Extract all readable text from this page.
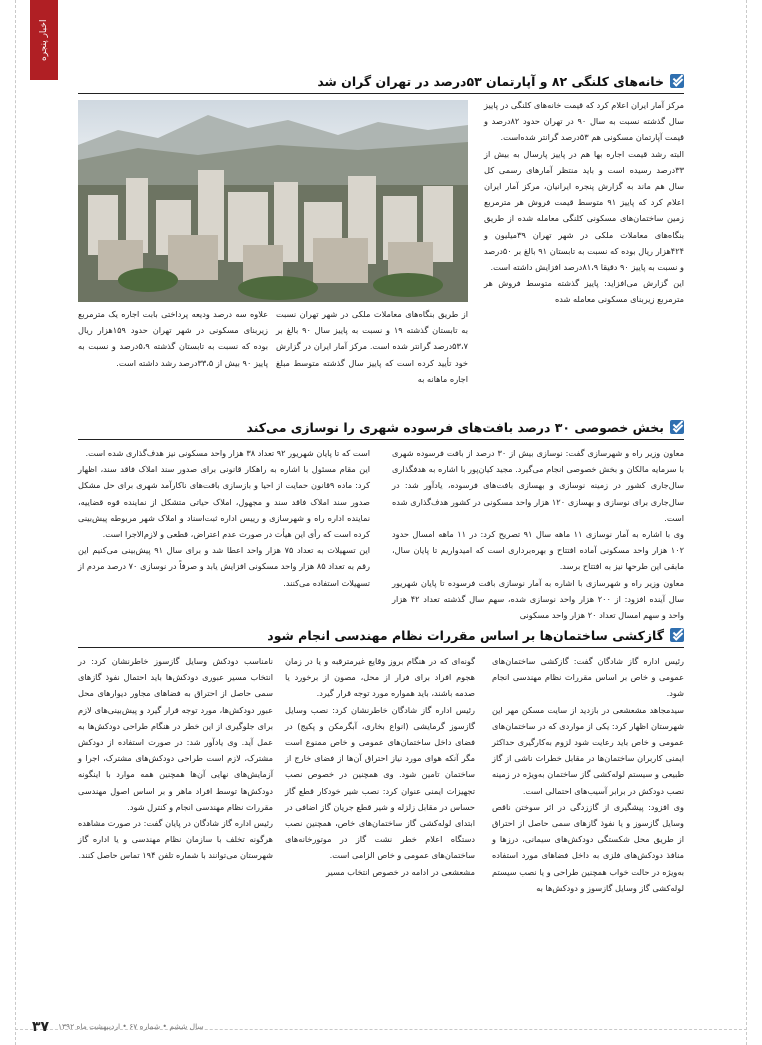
اخبار پنجره
خانه‌های کلنگی ۸۲ و آپارتمان ۵۳درصد در تهران گران شد

مرکز آمار ایران اعلام کرد که قیمت خانه‌های کلنگی در پاییز سال گذشته نسبت به سال ۹۰ در تهران حدود ۸۲درصد و قیمت آپارتمان مسکونی هم ۵۳درصد گرانتر شده‌است.

البته رشد قیمت اجاره بها هم در پاییز پارسال به بیش از ۳۳درصد رسیده است و باید منتظر آمارهای رسمی کل سال هم ماند به گزارش پنجره ایرانیان، مرکز آمار ایران اعلام کرد که پاییز ۹۱ متوسط قیمت فروش هر مترمربع زمین ساختمان‌های مسکونی کلنگی معامله شده از طریق بنگاه‌های معاملات ملکی در شهر تهران ۳۹میلیون و ۴۲۴هزار ریال بوده که نسبت به تابستان ۹۱ بالغ بر ۵۰درصد و نسبت به پاییز ۹۰ دقیقا ۸۱،۹درصد افزایش داشته است.

این گزارش می‌افزاید: پاییز گذشته متوسط فروش هر مترمربع زیربنای مسکونی معامله شده

از طریق بنگاه‌های معاملات ملکی در شهر تهران نسبت به تابستان گذشته ۱۹ و نسبت به پاییز سال ۹۰ بالغ بر ۵۳،۷درصد گرانتر شده است. مرکز آمار ایران در گزارش خود تأیید کرده است که پاییز سال گذشته متوسط مبلغ اجاره ماهانه به

علاوه سه درصد ودیعه پرداختی بابت اجاره یک مترمربع زیربنای مسکونی در شهر تهران حدود ۱۵۹هزار ریال بوده که نسبت به تابستان گذشته ۵،۹درصد و نسبت به پاییز ۹۰ بیش از ۳۳،۵درصد رشد داشته است.

بخش خصوصی ۳۰ درصد بافت‌های فرسوده شهری را نوسازی می‌کند

معاون وزیر راه و شهرسازی گفت: نوسازی بیش از ۳۰ درصد از بافت فرسوده شهری با سرمایه مالکان و بخش خصوصی انجام می‌گیرد. مجید کیان‌پور با اشاره به هدفگذاری سال‌جاری کشور در زمینه نوسازی و بهسازی بافت‌های فرسوده، یادآور شد: در سال‌جاری برای نوسازی و بهسازی ۱۲۰ هزار واحد مسکونی در کشور هدف‌گذاری شده است.

وی با اشاره به آمار نوسازی ۱۱ ماهه سال ۹۱ تصریح کرد: در ۱۱ ماهه امسال حدود ۱۰۲ هزار واحد مسکونی آماده افتتاح و بهره‌برداری است که امیدواریم تا پایان سال، مابقی این طرحها نیز به افتتاح برسد.

معاون وزیر راه و شهرسازی با اشاره به آمار نوسازی بافت فرسوده تا پایان شهریور سال آینده افزود: از ۲۰۰ هزار واحد نوسازی شده، سهم سال گذشته تعداد ۴۲ هزار واحد و سهم امسال تعداد ۲۰ هزار واحد مسکونی

است که تا پایان شهریور ۹۲ تعداد ۳۸ هزار واحد مسکونی نیز هدف‌گذاری شده است.

این مقام مسئول با اشاره به راهکار قانونی برای صدور سند املاک فاقد سند، اظهار کرد: ماده ۹قانون حمایت از احیا و بازسازی بافت‌های ناکارآمد شهری برای حل مشکل صدور سند املاک فاقد سند و مجهول، املاک حیاتی متشکل از نماینده قوه قضاییه، نماینده اداره راه و شهرسازی و رییس اداره ثبت‌اسناد و املاک شهر مربوطه پیش‌بینی کرده است که رأی این هیأت در صورت عدم اعتراض، قطعی و لازم‌الاجرا است.

این تسهیلات به تعداد ۷۵ هزار واحد اعطا شد و برای سال ۹۱ پیش‌بینی می‌کنیم این رقم به تعداد ۸۵ هزار واحد مسکونی افزایش یابد و صرفاً در نوسازی ۷۰ درصد مردم از تسهیلات استفاده می‌کنند.

گازکشی ساختمان‌ها بر اساس مقررات نظام مهندسی انجام شود

رئیس اداره گاز شادگان گفت: گازکشی ساختمان‌های عمومی و خاص بر اساس مقررات نظام مهندسی انجام شود.

سیدمجاهد مشعشعی در بازدید از سایت مسکن مهر این شهرستان اظهار کرد: یکی از مواردی که در ساختمان‌های عمومی و خاص باید رعایت شود لزوم به‌کارگیری حداکثر ایمنی کاربران ساختمان‌ها در مقابل خطرات ناشی از گاز طبیعی و سیستم لوله‌کشی گاز ساختمان به‌ویژه در زمینه نصب دودکش در برابر آسیب‌های احتمالی است.

وی افزود: پیشگیری از گاززدگی در اثر سوختن ناقص وسایل گازسوز و یا نفوذ گازهای سمی حاصل از احتراق از طریق محل شکستگی دودکش‌های سیمانی، درزها و منافذ دودکش‌های فلزی به داخل فضاهای مورد استفاده به‌ویژه در حالت خواب همچنین طراحی و یا نصب سیستم لوله‌کشی گاز وسایل گازسوز و دودکش‌ها به

گونه‌ای که در هنگام بروز وقایع غیرمترقبه و یا در زمان هجوم افراد برای فرار از محل، مصون از برخورد یا صدمه باشند، باید همواره مورد توجه قرار گیرد.

رئیس اداره گاز شادگان خاطرنشان کرد: نصب وسایل گازسوز گرمایشی (انواع بخاری، آبگرمکن و پکیج) در فضای داخل ساختمان‌های عمومی و خاص ممنوع است مگر آنکه هوای مورد نیاز احتراق آن‌ها از فضای خارج از ساختمان تامین شود. وی همچنین در خصوص نصب تجهیزات ایمنی عنوان کرد: نصب شیر خودکار قطع گاز حساس در مقابل زلزله و شیر قطع جریان گاز اضافی در ابتدای لوله‌کشی گاز ساختمان‌های خاص، همچنین نصب دستگاه اعلام خطر نشت گاز در موتورخانه‌های ساختمان‌های عمومی و خاص الزامی است.

مشعشعی در ادامه در خصوص انتخاب مسیر

نامناسب دودکش وسایل گازسوز خاطرنشان کرد: در انتخاب مسیر عبوری دودکش‌ها باید احتمال نفوذ گازهای سمی حاصل از احتراق به فضاهای مجاور دیوارهای محل عبور دودکش‌ها، مورد توجه قرار گیرد و پیش‌بینی‌های لازم برای جلوگیری از این خطر در هنگام طراحی دودکش‌ها به عمل آید. وی یادآور شد: در صورت استفاده از دودکش مشترک، لازم است طراحی دودکش‌های مشترک، اجرا و آزمایش‌های نهایی آن‌ها همچنین همه موارد با اینگونه دودکش‌ها توسط افراد ماهر و بر اساس اصول مهندسی مقررات نظام مهندسی انجام و کنترل شود.

رئیس اداره گاز شادگان در پایان گفت: در صورت مشاهده هرگونه تخلف با سازمان نظام مهندسی و یا اداره گاز شهرستان می‌توانند با شماره تلفن ۱۹۴ تماس حاصل کنند.

۳۷ سال ششم • شماره ۶۷ • اردیبهشت ماه ۱۳۹۲
